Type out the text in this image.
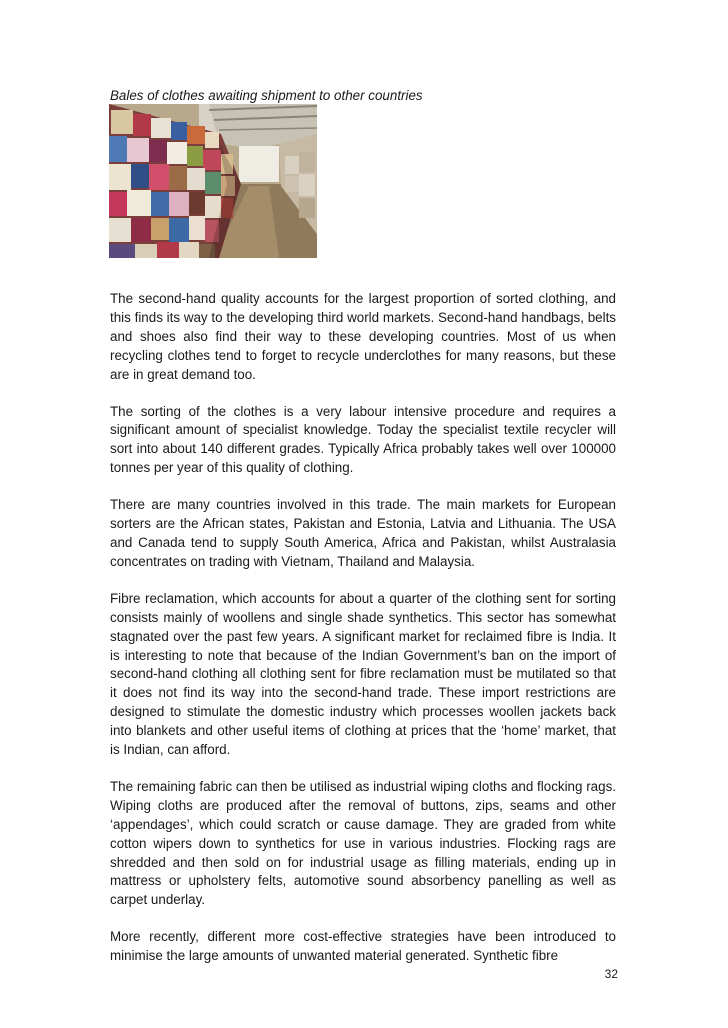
Bales of clothes awaiting shipment to other countries

The second-hand quality accounts for the largest proportion of sorted clothing, and this finds its way to the developing third world markets. Second-hand handbags, belts and shoes also find their way to these developing countries. Most of us when recycling clothes tend to forget to recycle underclothes for many reasons, but these are in great demand too.

The sorting of the clothes is a very labour intensive procedure and requires a significant amount of specialist knowledge. Today the specialist textile recycler will sort into about 140 different grades. Typically Africa probably takes well over 100000 tonnes per year of this quality of clothing.

There are many countries involved in this trade. The main markets for European sorters are the African states, Pakistan and Estonia, Latvia and Lithuania. The USA and Canada tend to supply South America, Africa and Pakistan, whilst Australasia concentrates on trading with Vietnam, Thailand and Malaysia.

Fibre reclamation, which accounts for about a quarter of the clothing sent for sorting consists mainly of woollens and single shade synthetics. This sector has somewhat stagnated over the past few years. A significant market for reclaimed fibre is India. It is interesting to note that because of the Indian Government’s ban on the import of second-hand clothing all clothing sent for fibre reclamation must be mutilated so that it does not find its way into the second-hand trade. These import restrictions are designed to stimulate the domestic industry which processes woollen jackets back into blankets and other useful items of clothing at prices that the ‘home’ market, that is Indian, can afford.

The remaining fabric can then be utilised as industrial wiping cloths and flocking rags. Wiping cloths are produced after the removal of buttons, zips, seams and other ‘appendages’, which could scratch or cause damage. They are graded from white cotton wipers down to synthetics for use in various industries. Flocking rags are shredded and then sold on for industrial usage as filling materials, ending up in mattress or upholstery felts, automotive sound absorbency panelling as well as carpet underlay.

More recently, different more cost-effective strategies have been introduced to minimise the large amounts of unwanted material generated. Synthetic fibre

32
